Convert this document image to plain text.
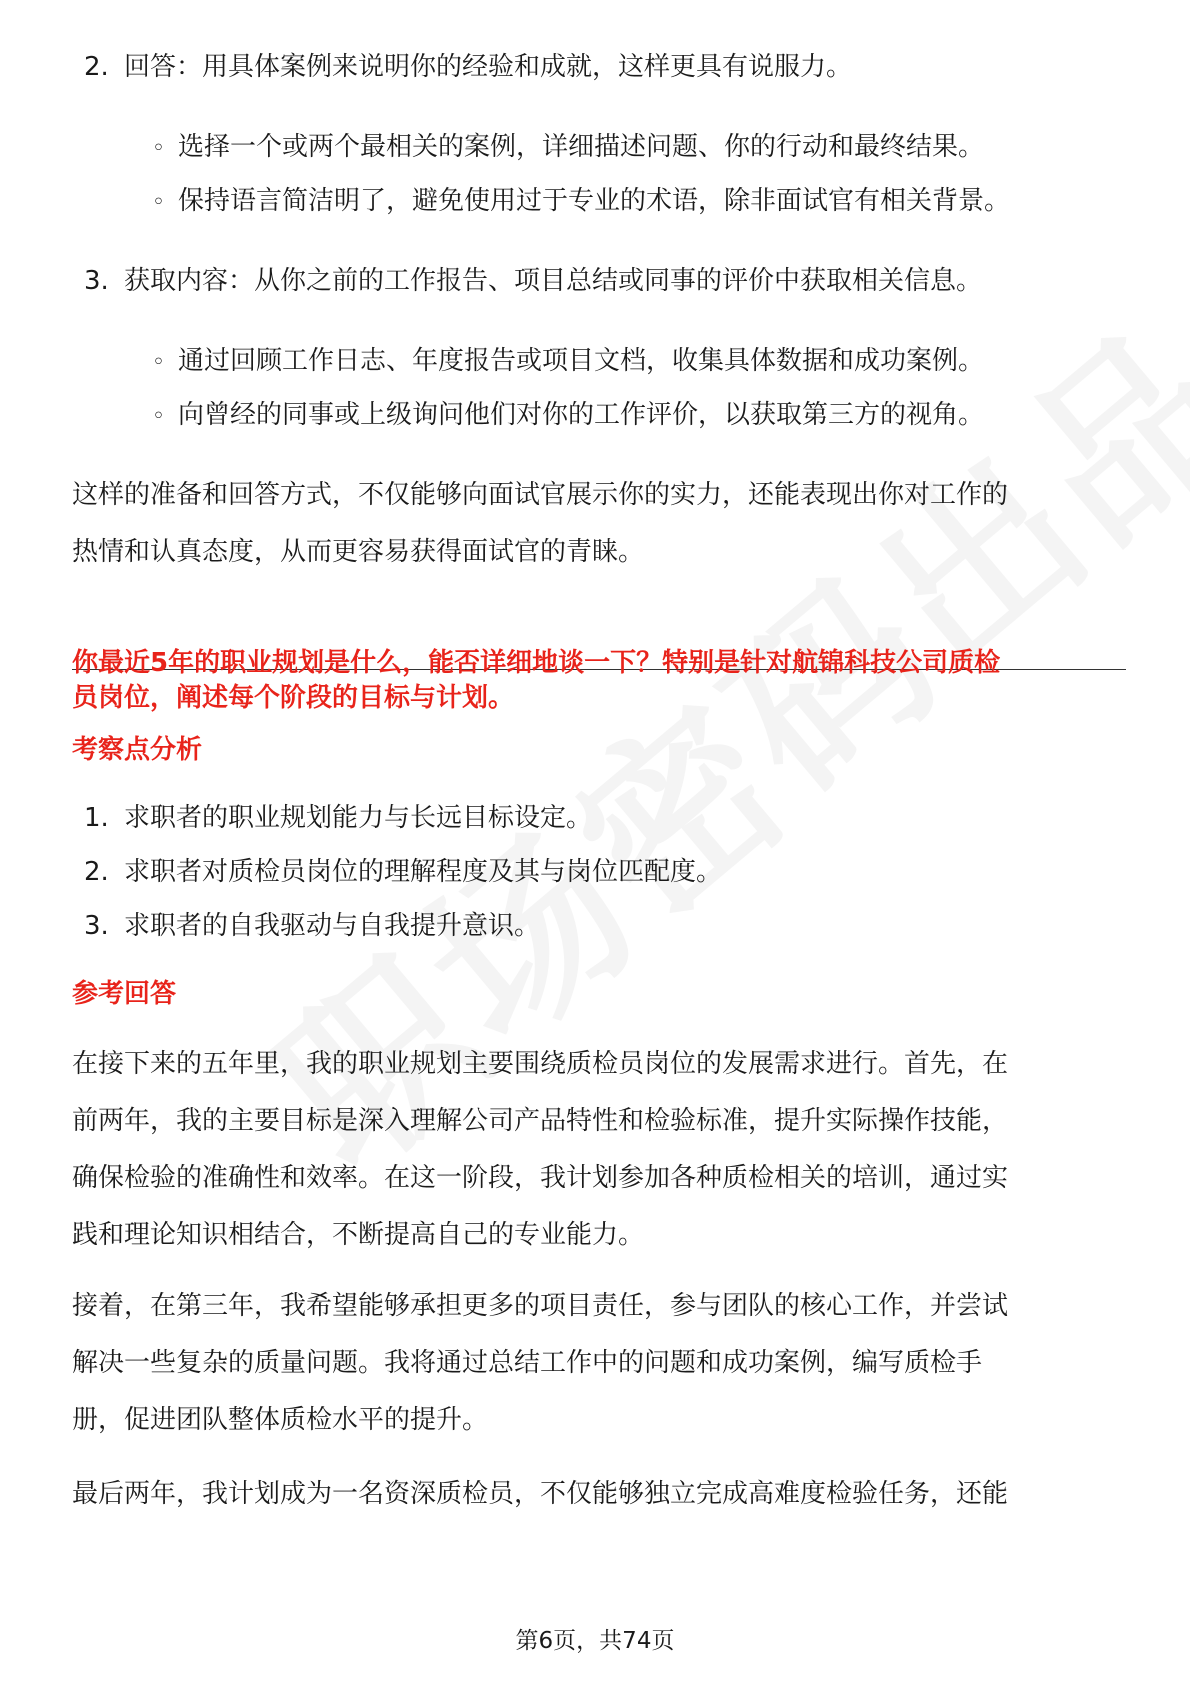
2. 回答：用具体案例来说明你的经验和成就，这样更具有说服力。
◦ 选择一个或两个最相关的案例，详细描述问题、你的行动和最终结果。
◦ 保持语言简洁明了，避免使用过于专业的术语，除非面试官有相关背景。
3. 获取内容：从你之前的工作报告、项目总结或同事的评价中获取相关信息。
◦ 通过回顾工作日志、年度报告或项目文档，收集具体数据和成功案例。
◦ 向曾经的同事或上级询问他们对你的工作评价，以获取第三方的视角。
这样的准备和回答方式，不仅能够向面试官展示你的实力，还能表现出你对工作的
热情和认真态度，从而更容易获得面试官的青睐。
你最近5年的职业规划是什么，能否详细地谈一下？特别是针对航锦科技公司质检
员岗位，阐述每个阶段的目标与计划。
考察点分析
1. 求职者的职业规划能力与长远目标设定。
2. 求职者对质检员岗位的理解程度及其与岗位匹配度。
3. 求职者的自我驱动与自我提升意识。
参考回答
在接下来的五年里，我的职业规划主要围绕质检员岗位的发展需求进行。首先，在
前两年，我的主要目标是深入理解公司产品特性和检验标准，提升实际操作技能，
确保检验的准确性和效率。在这一阶段，我计划参加各种质检相关的培训，通过实
践和理论知识相结合，不断提高自己的专业能力。
接着，在第三年，我希望能够承担更多的项目责任，参与团队的核心工作，并尝试
解决一些复杂的质量问题。我将通过总结工作中的问题和成功案例，编写质检手
册，促进团队整体质检水平的提升。
最后两年，我计划成为一名资深质检员，不仅能够独立完成高难度检验任务，还能
第6页，共74页
